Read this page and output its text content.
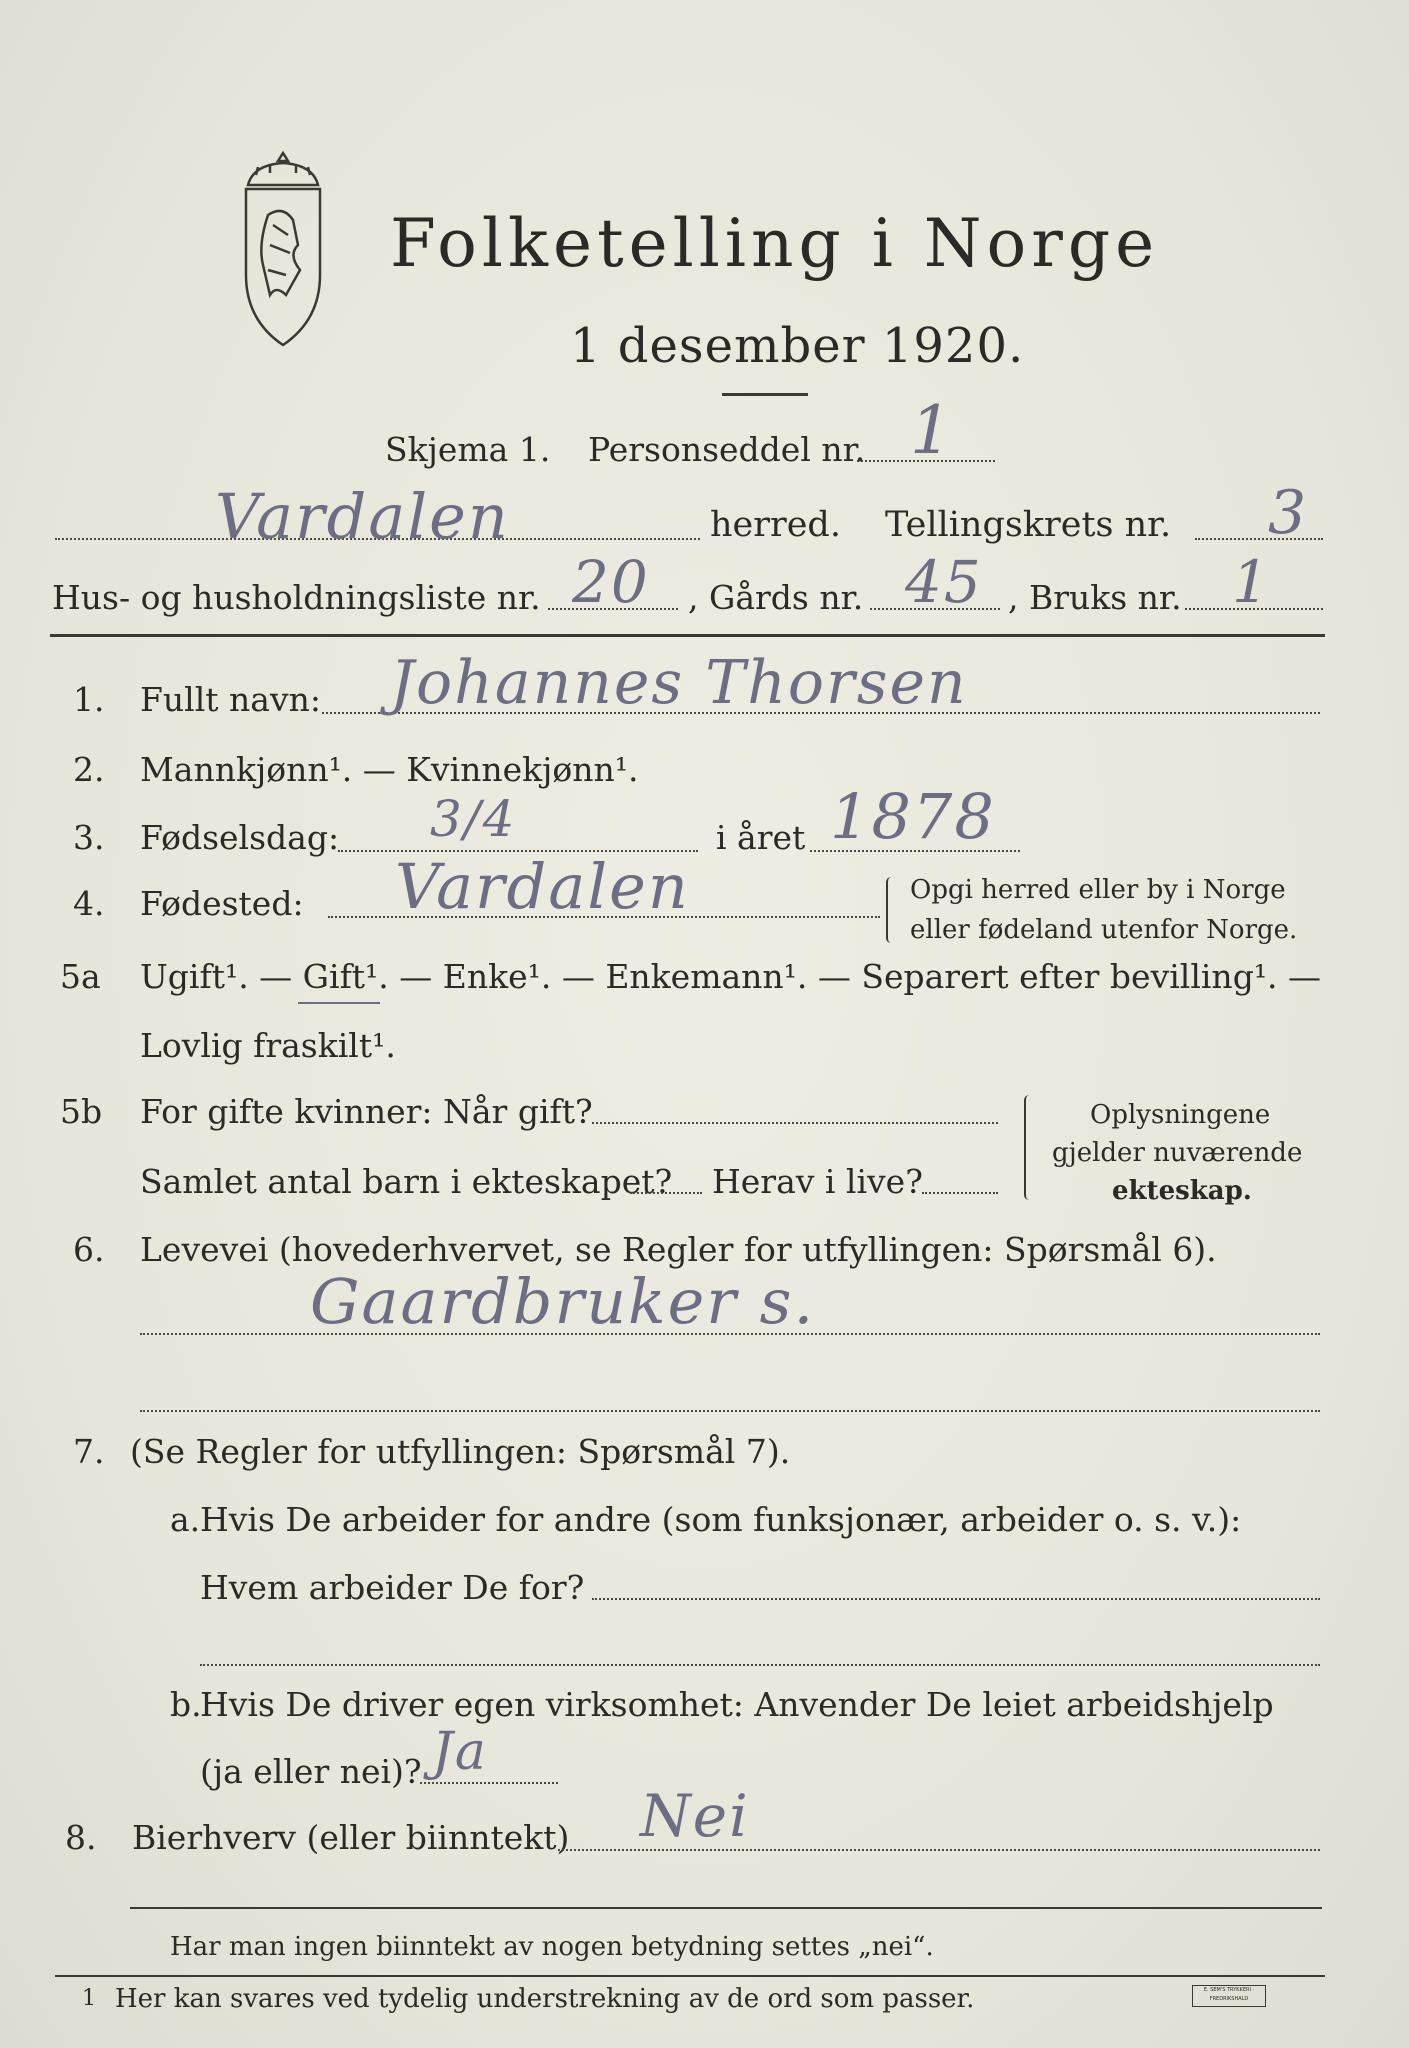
Folketelling i Norge
1 desember 1920.
Skjema 1. Personseddel nr. 1
Vardalen	herred. Tellingskrets nr. 3
Hus- og husholdningsliste nr. 20 , Gårds nr. 45 , Bruks nr. 1
1. Fullt navn: Johannes Thorsen
2. Mannkjønn¹. — Kvinnekjønn¹.
3. Fødselsdag: 3/4	i året 1878
4. Fødested: Vardalen	Opgi herred eller by i Norge
eller fødeland utenfor Norge.
5a Ugift¹. — Gift¹. — Enke¹. — Enkemann¹. — Separert efter bevilling¹. —
Lovlig fraskilt¹.
5b For gifte kvinner: Når gift?
Samlet antal barn i ekteskapet? Herav i live?
Oplysningene
gjelder nuværende
ekteskap.
6. Levevei (hovederhvervet, se Regler for utfyllingen: Spørsmål 6).
Gaardbruker s.
7. (Se Regler for utfyllingen: Spørsmål 7).
a. Hvis De arbeider for andre (som funksjonær, arbeider o. s. v.):
Hvem arbeider De for?
b.
Hvis De driver egen virksomhet: Anvender De leiet arbeidshjelp
(ja eller nei)? Ja
8. Bierhverv (eller biinntekt) Nei
Har man ingen biinntekt av nogen betydning settes „nei“.
1 Her kan svares ved tydelig understrekning av de ord som passer.	E. SEM'S TRYKKERI · FREDRIKSHALD
